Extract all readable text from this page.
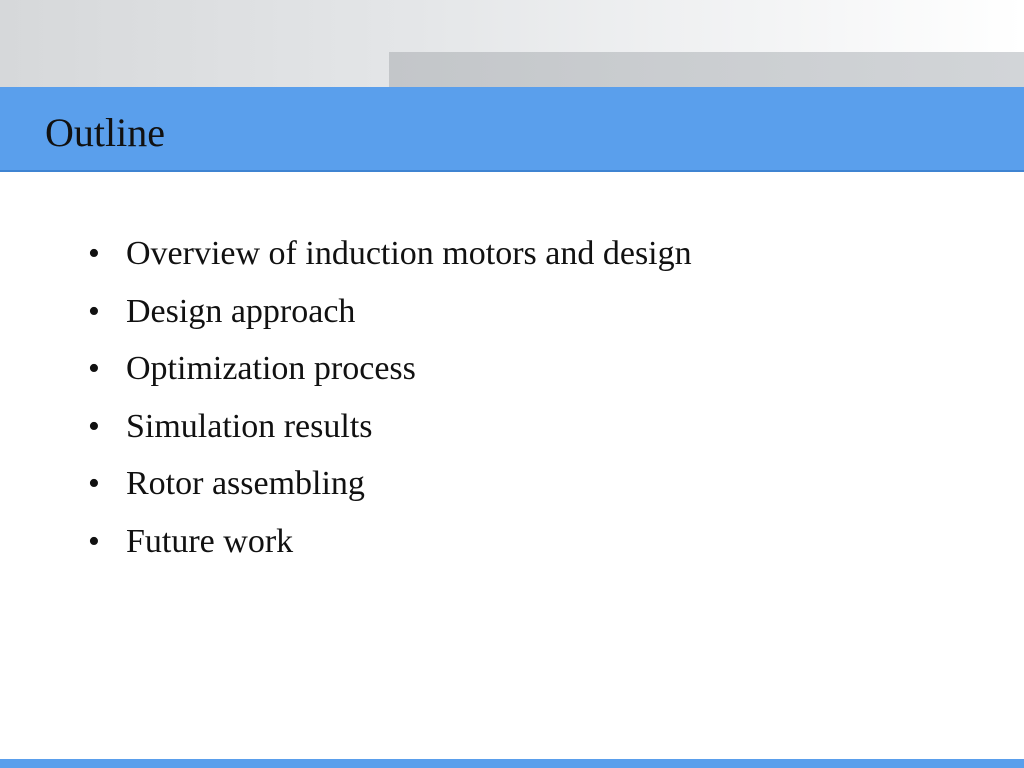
Outline
• Overview of induction motors and design
• Design approach
• Optimization process
• Simulation results
• Rotor assembling
• Future work
